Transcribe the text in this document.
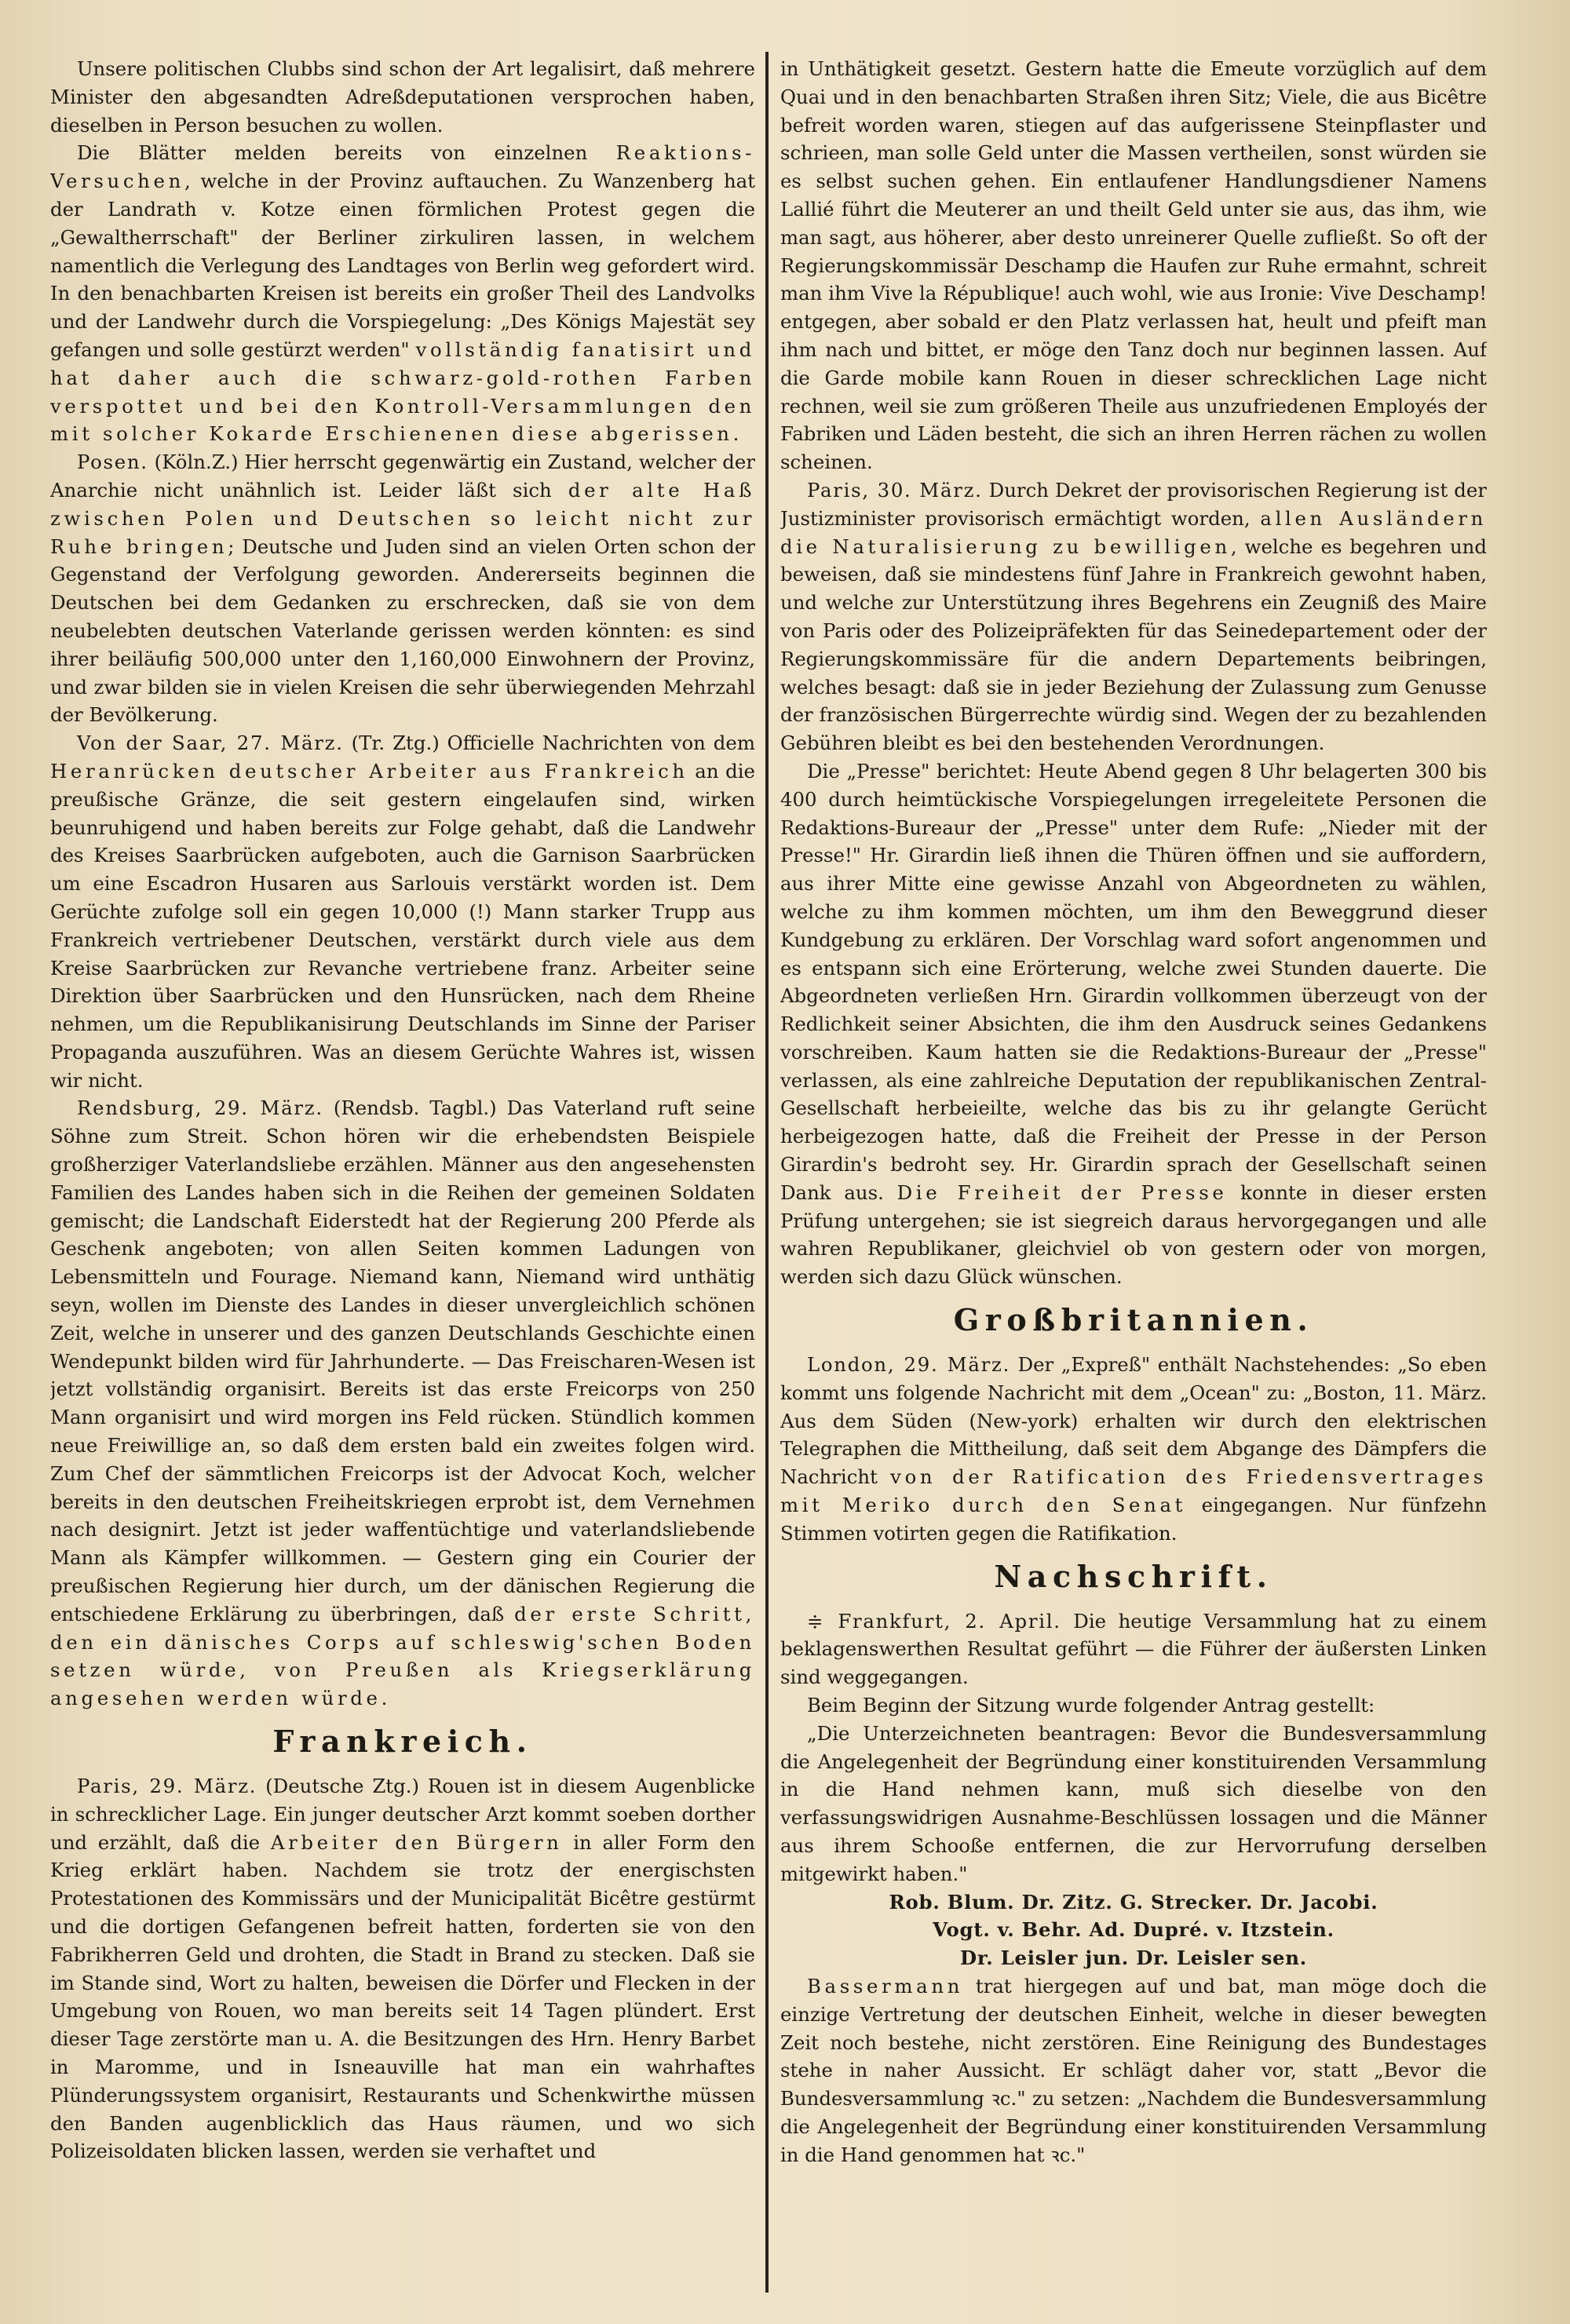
Unsere politischen Clubbs sind schon der Art legalisirt, daß mehrere Minister den abgesandten Adreßdeputationen versprochen haben, dieselben in Person besuchen zu wollen.

Die Blätter melden bereits von einzelnen Reaktions-Versuchen, welche in der Provinz auftauchen. Zu Wanzenberg hat der Landrath v. Kotze einen förmlichen Protest gegen die „Gewaltherrschaft" der Berliner zirkuliren lassen, in welchem namentlich die Verlegung des Landtages von Berlin weg gefordert wird. In den benachbarten Kreisen ist bereits ein großer Theil des Landvolks und der Landwehr durch die Vorspiegelung: „Des Königs Majestät sey gefangen und solle gestürzt werden" vollständig fanatisirt und hat daher auch die schwarz-gold-rothen Farben verspottet und bei den Kontroll-Versammlungen den mit solcher Kokarde Erschienenen diese abgerissen.

Posen. (Köln.Z.) Hier herrscht gegenwärtig ein Zustand, welcher der Anarchie nicht unähnlich ist. Leider läßt sich der alte Haß zwischen Polen und Deutschen so leicht nicht zur Ruhe bringen; Deutsche und Juden sind an vielen Orten schon der Gegenstand der Verfolgung geworden. Andererseits beginnen die Deutschen bei dem Gedanken zu erschrecken, daß sie von dem neubelebten deutschen Vaterlande gerissen werden könnten: es sind ihrer beiläufig 500,000 unter den 1,160,000 Einwohnern der Provinz, und zwar bilden sie in vielen Kreisen die sehr überwiegenden Mehrzahl der Bevölkerung.

Von der Saar, 27. März. (Tr. Ztg.) Officielle Nachrichten von dem Heranrücken deutscher Arbeiter aus Frankreich an die preußische Gränze, die seit gestern eingelaufen sind, wirken beunruhigend und haben bereits zur Folge gehabt, daß die Landwehr des Kreises Saarbrücken aufgeboten, auch die Garnison Saarbrücken um eine Escadron Husaren aus Sarlouis verstärkt worden ist. Dem Gerüchte zufolge soll ein gegen 10,000 (!) Mann starker Trupp aus Frankreich vertriebener Deutschen, verstärkt durch viele aus dem Kreise Saarbrücken zur Revanche vertriebene franz. Arbeiter seine Direktion über Saarbrücken und den Hunsrücken, nach dem Rheine nehmen, um die Republikanisirung Deutschlands im Sinne der Pariser Propaganda auszuführen. Was an diesem Gerüchte Wahres ist, wissen wir nicht.

Rendsburg, 29. März. (Rendsb. Tagbl.) Das Vaterland ruft seine Söhne zum Streit. Schon hören wir die erhebendsten Beispiele großherziger Vaterlandsliebe erzählen. Männer aus den angesehensten Familien des Landes haben sich in die Reihen der gemeinen Soldaten gemischt; die Landschaft Eiderstedt hat der Regierung 200 Pferde als Geschenk angeboten; von allen Seiten kommen Ladungen von Lebensmitteln und Fourage. Niemand kann, Niemand wird unthätig seyn, wollen im Dienste des Landes in dieser unvergleichlich schönen Zeit, welche in unserer und des ganzen Deutschlands Geschichte einen Wendepunkt bilden wird für Jahrhunderte. — Das Freischaren-Wesen ist jetzt vollständig organisirt. Bereits ist das erste Freicorps von 250 Mann organisirt und wird morgen ins Feld rücken. Stündlich kommen neue Freiwillige an, so daß dem ersten bald ein zweites folgen wird. Zum Chef der sämmtlichen Freicorps ist der Advocat Koch, welcher bereits in den deutschen Freiheitskriegen erprobt ist, dem Vernehmen nach designirt. Jetzt ist jeder waffentüchtige und vaterlandsliebende Mann als Kämpfer willkommen. — Gestern ging ein Courier der preußischen Regierung hier durch, um der dänischen Regierung die entschiedene Erklärung zu überbringen, daß der erste Schritt, den ein dänisches Corps auf schleswig'schen Boden setzen würde, von Preußen als Kriegserklärung angesehen werden würde.

Frankreich.

Paris, 29. März. (Deutsche Ztg.) Rouen ist in diesem Augenblicke in schrecklicher Lage. Ein junger deutscher Arzt kommt soeben dorther und erzählt, daß die Arbeiter den Bürgern in aller Form den Krieg erklärt haben. Nachdem sie trotz der energischsten Protestationen des Kommissärs und der Municipalität Bicêtre gestürmt und die dortigen Gefangenen befreit hatten, forderten sie von den Fabrikherren Geld und drohten, die Stadt in Brand zu stecken. Daß sie im Stande sind, Wort zu halten, beweisen die Dörfer und Flecken in der Umgebung von Rouen, wo man bereits seit 14 Tagen plündert. Erst dieser Tage zerstörte man u. A. die Besitzungen des Hrn. Henry Barbet in Maromme, und in Isneauville hat man ein wahrhaftes Plünderungssystem organisirt, Restaurants und Schenkwirthe müssen den Banden augenblicklich das Haus räumen, und wo sich Polizeisoldaten blicken lassen, werden sie verhaftet und

in Unthätigkeit gesetzt. Gestern hatte die Emeute vorzüglich auf dem Quai und in den benachbarten Straßen ihren Sitz; Viele, die aus Bicêtre befreit worden waren, stiegen auf das aufgerissene Steinpflaster und schrieen, man solle Geld unter die Massen vertheilen, sonst würden sie es selbst suchen gehen. Ein entlaufener Handlungsdiener Namens Lallié führt die Meuterer an und theilt Geld unter sie aus, das ihm, wie man sagt, aus höherer, aber desto unreinerer Quelle zufließt. So oft der Regierungskommissär Deschamp die Haufen zur Ruhe ermahnt, schreit man ihm Vive la République! auch wohl, wie aus Ironie: Vive Deschamp! entgegen, aber sobald er den Platz verlassen hat, heult und pfeift man ihm nach und bittet, er möge den Tanz doch nur beginnen lassen. Auf die Garde mobile kann Rouen in dieser schrecklichen Lage nicht rechnen, weil sie zum größeren Theile aus unzufriedenen Employés der Fabriken und Läden besteht, die sich an ihren Herren rächen zu wollen scheinen.

Paris, 30. März. Durch Dekret der provisorischen Regierung ist der Justizminister provisorisch ermächtigt worden, allen Ausländern die Naturalisierung zu bewilligen, welche es begehren und beweisen, daß sie mindestens fünf Jahre in Frankreich gewohnt haben, und welche zur Unterstützung ihres Begehrens ein Zeugniß des Maire von Paris oder des Polizeipräfekten für das Seinedepartement oder der Regierungskommissäre für die andern Departements beibringen, welches besagt: daß sie in jeder Beziehung der Zulassung zum Genusse der französischen Bürgerrechte würdig sind. Wegen der zu bezahlenden Gebühren bleibt es bei den bestehenden Verordnungen.

Die „Presse" berichtet: Heute Abend gegen 8 Uhr belagerten 300 bis 400 durch heimtückische Vorspiegelungen irregeleitete Personen die Redaktions-Bureaur der „Presse" unter dem Rufe: „Nieder mit der Presse!" Hr. Girardin ließ ihnen die Thüren öffnen und sie auffordern, aus ihrer Mitte eine gewisse Anzahl von Abgeordneten zu wählen, welche zu ihm kommen möchten, um ihm den Beweggrund dieser Kundgebung zu erklären. Der Vorschlag ward sofort angenommen und es entspann sich eine Erörterung, welche zwei Stunden dauerte. Die Abgeordneten verließen Hrn. Girardin vollkommen überzeugt von der Redlichkeit seiner Absichten, die ihm den Ausdruck seines Gedankens vorschreiben. Kaum hatten sie die Redaktions-Bureaur der „Presse" verlassen, als eine zahlreiche Deputation der republikanischen Zentral-Gesellschaft herbeieilte, welche das bis zu ihr gelangte Gerücht herbeigezogen hatte, daß die Freiheit der Presse in der Person Girardin's bedroht sey. Hr. Girardin sprach der Gesellschaft seinen Dank aus. Die Freiheit der Presse konnte in dieser ersten Prüfung untergehen; sie ist siegreich daraus hervorgegangen und alle wahren Republikaner, gleichviel ob von gestern oder von morgen, werden sich dazu Glück wünschen.

Großbritannien.

London, 29. März. Der „Expreß" enthält Nachstehendes: „So eben kommt uns folgende Nachricht mit dem „Ocean" zu: „Boston, 11. März. Aus dem Süden (New-york) erhalten wir durch den elektrischen Telegraphen die Mittheilung, daß seit dem Abgange des Dämpfers die Nachricht von der Ratification des Friedensvertrages mit Meriko durch den Senat eingegangen. Nur fünfzehn Stimmen votirten gegen die Ratifikation.

Nachschrift.

≑ Frankfurt, 2. April. Die heutige Versammlung hat zu einem beklagenswerthen Resultat geführt — die Führer der äußersten Linken sind weggegangen.

Beim Beginn der Sitzung wurde folgender Antrag gestellt:

„Die Unterzeichneten beantragen: Bevor die Bundesversammlung die Angelegenheit der Begründung einer konstituirenden Versammlung in die Hand nehmen kann, muß sich dieselbe von den verfassungswidrigen Ausnahme-Beschlüssen lossagen und die Männer aus ihrem Schooße entfernen, die zur Hervorrufung derselben mitgewirkt haben."

Rob. Blum. Dr. Zitz. G. Strecker. Dr. Jacobi.

Vogt. v. Behr. Ad. Dupré. v. Itzstein.

Dr. Leisler jun. Dr. Leisler sen.

Bassermann trat hiergegen auf und bat, man möge doch die einzige Vertretung der deutschen Einheit, welche in dieser bewegten Zeit noch bestehe, nicht zerstören. Eine Reinigung des Bundestages stehe in naher Aussicht. Er schlägt daher vor, statt „Bevor die Bundesversammlung ꝛc." zu setzen: „Nachdem die Bundesversammlung die Angelegenheit der Begründung einer konstituirenden Versammlung in die Hand genommen hat ꝛc."
